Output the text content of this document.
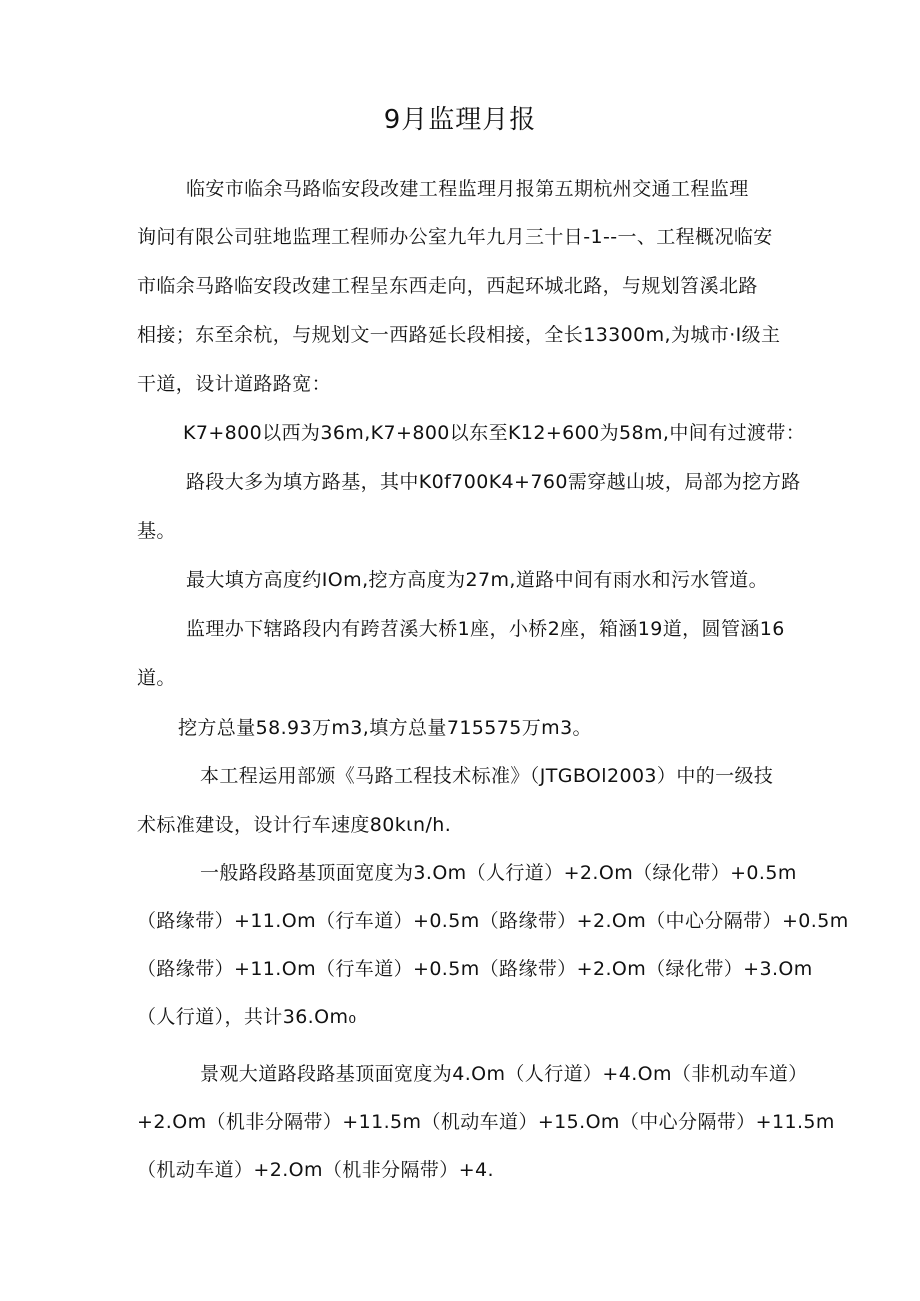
9月监理月报
临安市临余马路临安段改建工程监理月报第五期杭州交通工程监理
询问有限公司驻地监理工程师办公室九年九月三十日-1--一、工程概况临安
市临余马路临安段改建工程呈东西走向，西起环城北路，与规划笤溪北路
相接；东至余杭，与规划文一西路延长段相接，全长13300m,为城市·I级主
干道，设计道路路宽：
K7+800以西为36m,K7+800以东至K12+600为58m,中间有过渡带：
路段大多为填方路基，其中K0f700K4+760需穿越山坡，局部为挖方路
基。
最大填方高度约IOm,挖方高度为27m,道路中间有雨水和污水管道。
监理办下辖路段内有跨苕溪大桥1座，小桥2座，箱涵19道，圆管涵16
道。
挖方总量58.93万m3,填方总量715575万m3。
本工程运用部颁《马路工程技术标准》（JTGBOl2003）中的一级技
术标准建设，设计行车速度80kιn∕h.
一般路段路基顶面宽度为3.Om（人行道）+2.Om（绿化带）+0.5m
（路缘带）+11.Om（行车道）+0.5m（路缘带）+2.Om（中心分隔带）+0.5m
（路缘带）+11.Om（行车道）+0.5m（路缘带）+2.Om（绿化带）+3.Om
（人行道），共计36.Om₀
景观大道路段路基顶面宽度为4.Om（人行道）+4.Om（非机动车道）
+2.Om（机非分隔带）+11.5m（机动车道）+15.Om（中心分隔带）+11.5m
（机动车道）+2.Om（机非分隔带）+4.
